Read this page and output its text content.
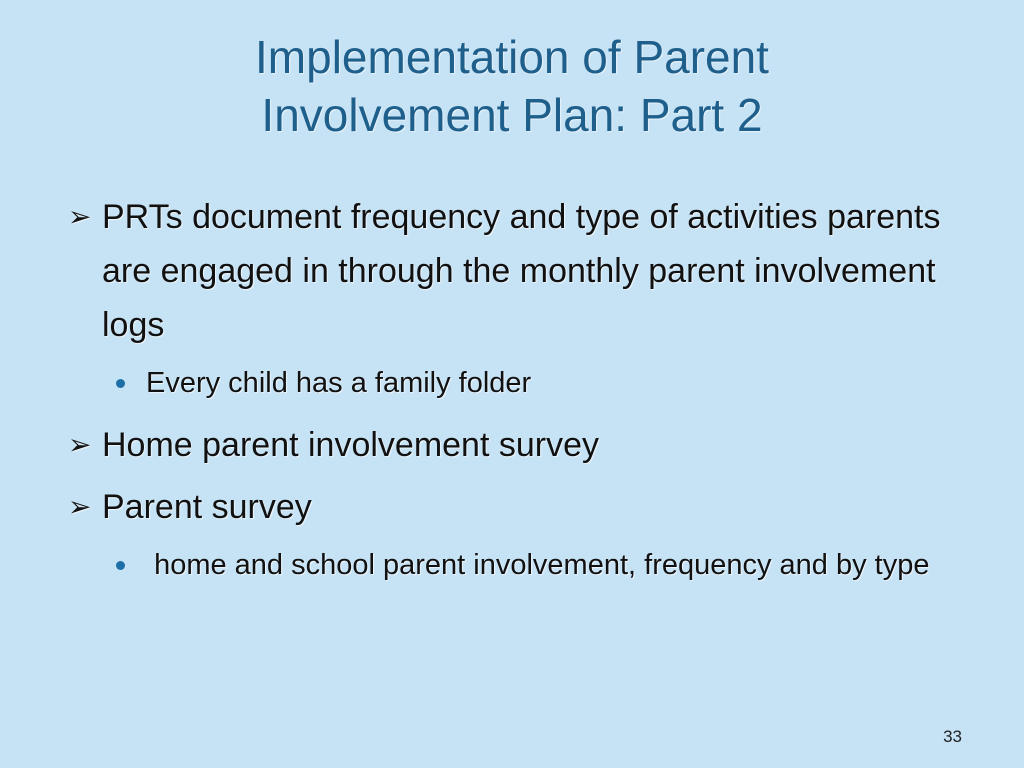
Implementation of Parent
Involvement Plan: Part 2
➢ PRTs document frequency and type of activities parents are engaged in through the monthly parent involvement logs
Every child has a family folder
➢ Home parent involvement survey
➢ Parent survey
home and school parent involvement, frequency and by type
33
